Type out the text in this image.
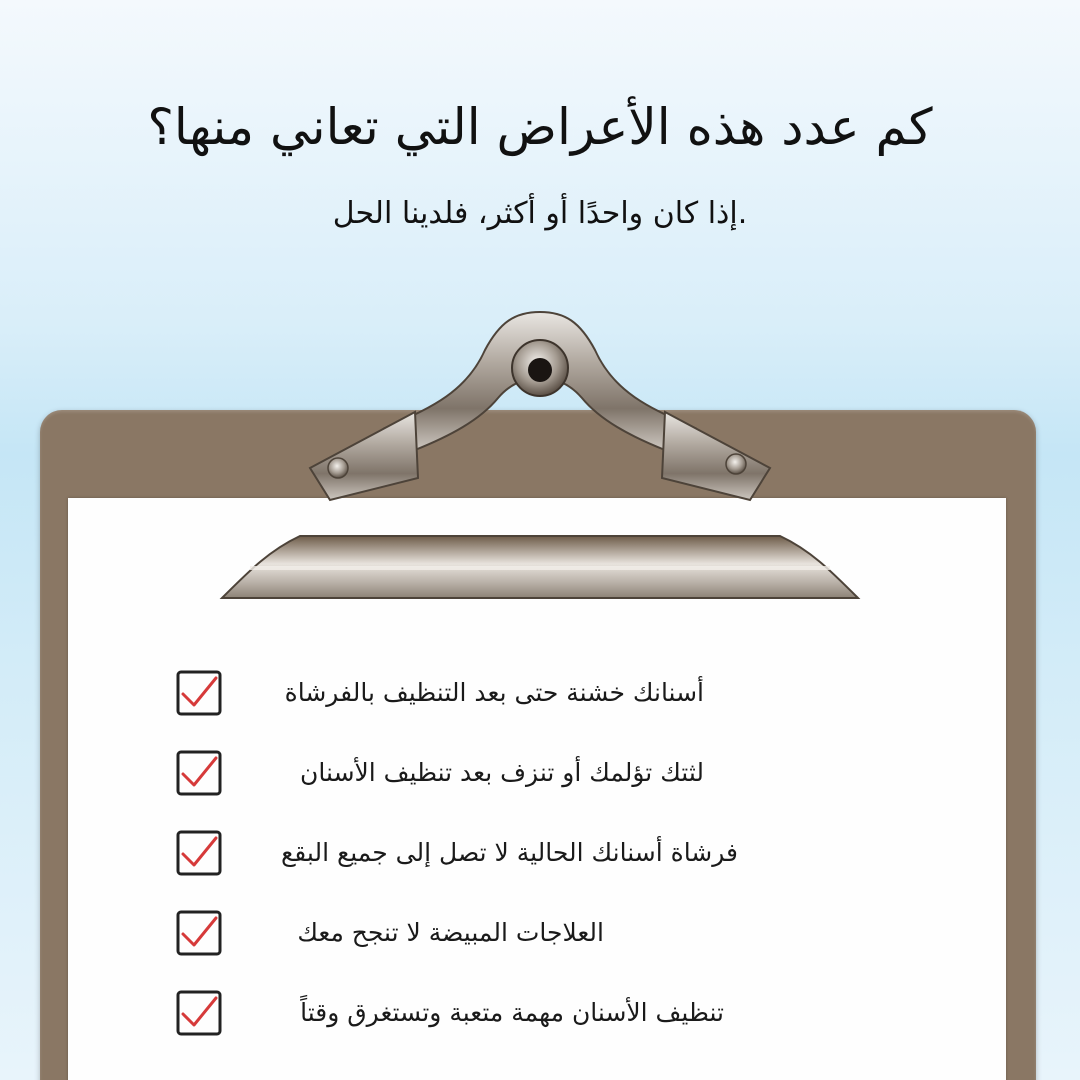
كم عدد هذه الأعراض التي تعاني منها؟

.إذا كان واحدًا أو أكثر، فلدينا الحل

أسنانك خشنة حتى بعد التنظيف بالفرشاة
لثتك تؤلمك أو تنزف بعد تنظيف الأسنان
فرشاة أسنانك الحالية لا تصل إلى جميع البقع
العلاجات المبيضة لا تنجح معك
تنظيف الأسنان مهمة متعبة وتستغرق وقتاً
